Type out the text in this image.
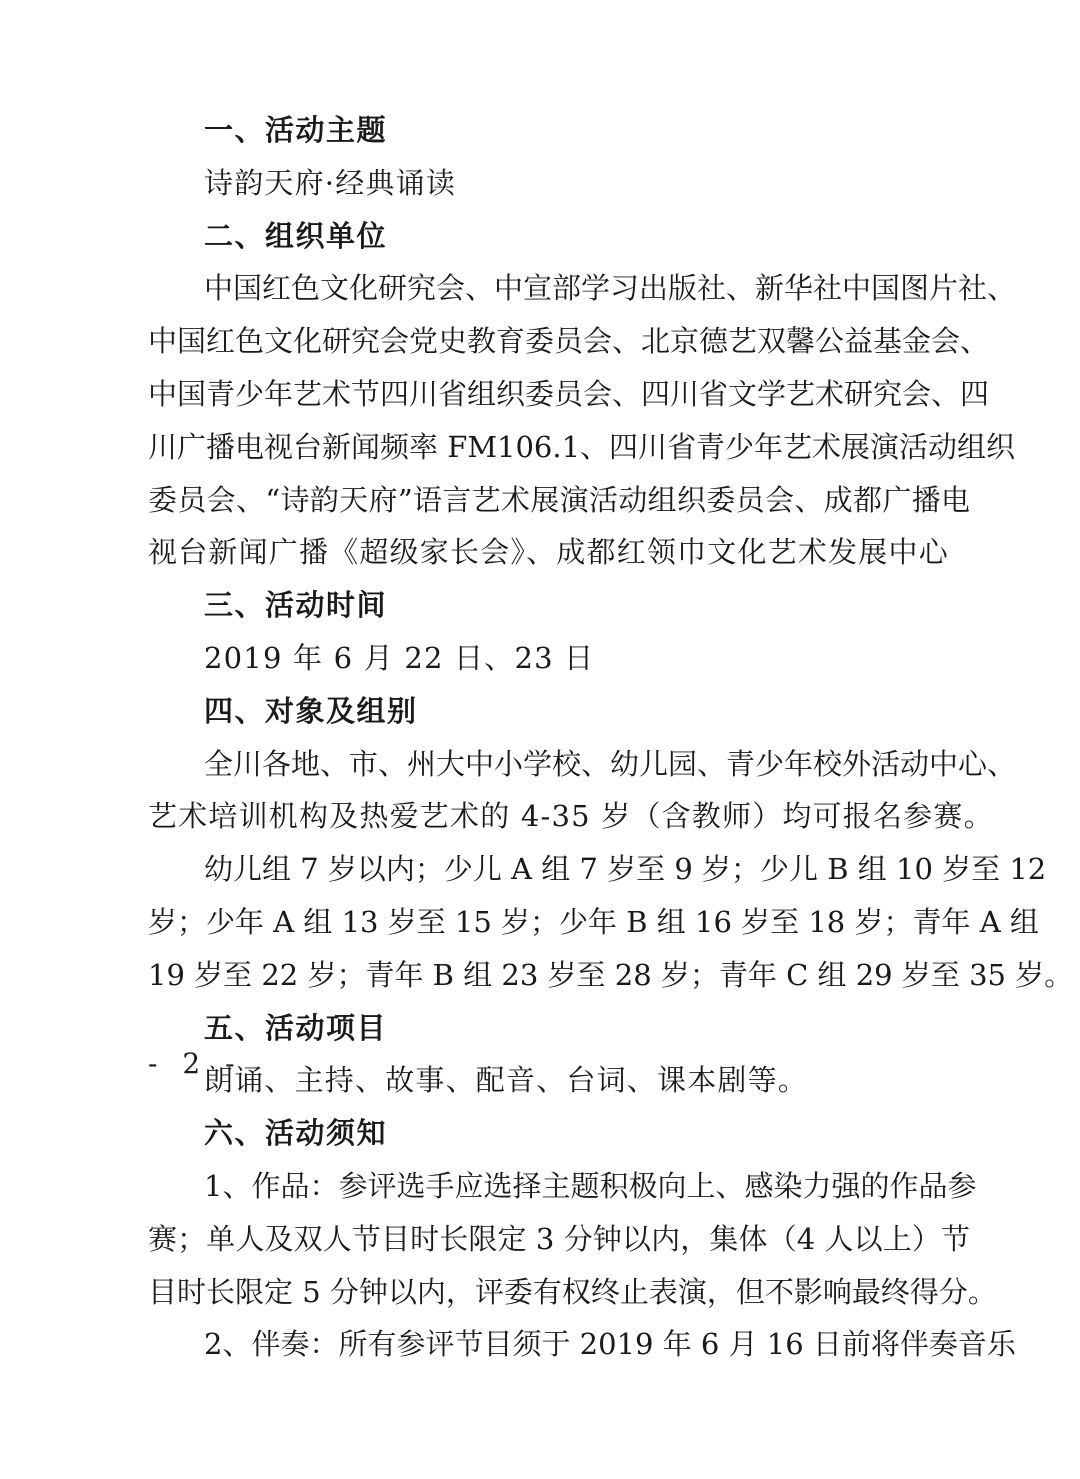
一、活动主题
诗韵天府·经典诵读
二、组织单位
中国红色文化研究会、中宣部学习出版社、新华社中国图片社、
中国红色文化研究会党史教育委员会、北京德艺双馨公益基金会、
中国青少年艺术节四川省组织委员会、四川省文学艺术研究会、四
川广播电视台新闻频率 FM106.1、四川省青少年艺术展演活动组织
委员会、“诗韵天府”语言艺术展演活动组织委员会、成都广播电
视台新闻广播《超级家长会》、成都红领巾文化艺术发展中心
三、活动时间
2019 年 6 月 22 日、23 日
四、对象及组别
全川各地、市、州大中小学校、幼儿园、青少年校外活动中心、
艺术培训机构及热爱艺术的 4-35 岁（含教师）均可报名参赛。
幼儿组 7 岁以内；少儿 A 组 7 岁至 9 岁；少儿 B 组 10 岁至 12
岁；少年 A 组 13 岁至 15 岁；少年 B 组 16 岁至 18 岁；青年 A 组
19 岁至 22 岁；青年 B 组 23 岁至 28 岁；青年 C 组 29 岁至 35 岁。
五、活动项目
朗诵、主持、故事、配音、台词、课本剧等。
六、活动须知
1、作品：参评选手应选择主题积极向上、感染力强的作品参
赛；单人及双人节目时长限定 3 分钟以内，集体（4 人以上）节
目时长限定 5 分钟以内，评委有权终止表演，但不影响最终得分。
2、伴奏：所有参评节目须于 2019 年 6 月 16 日前将伴奏音乐
- 2 -
